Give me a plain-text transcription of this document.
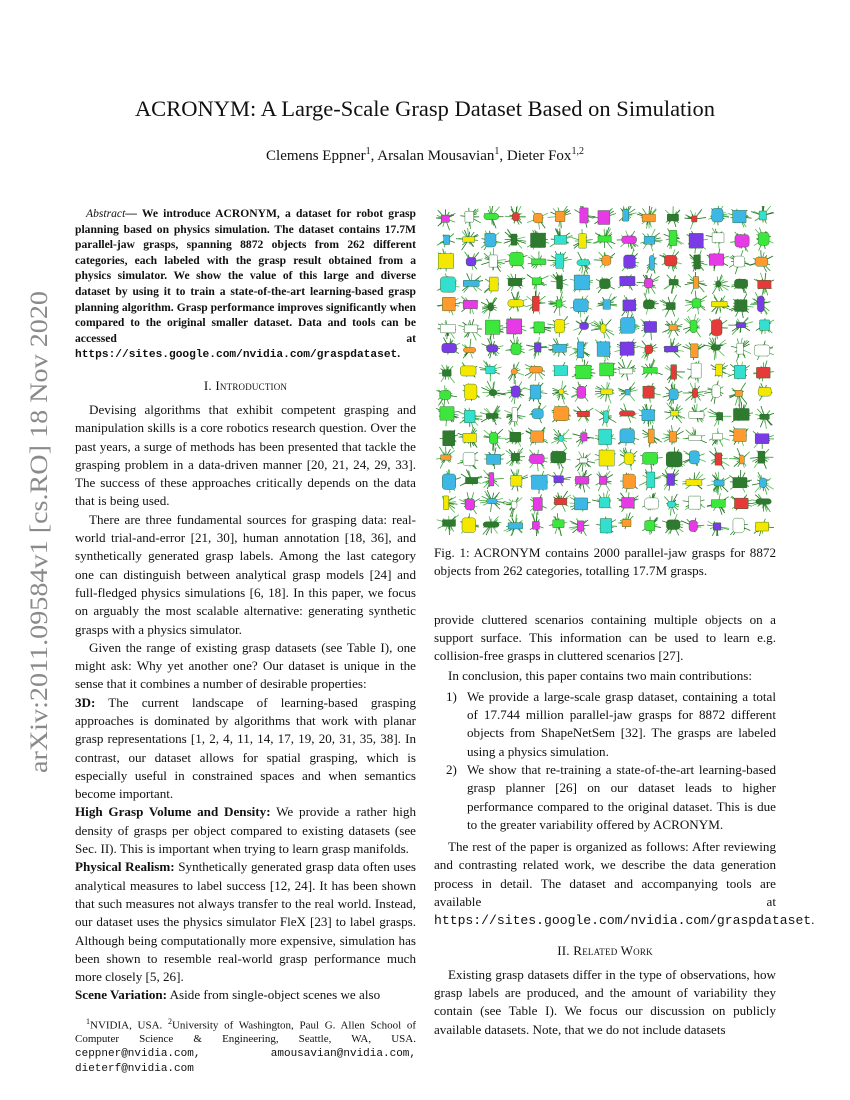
arXiv:2011.09584v1 [cs.RO] 18 Nov 2020
ACRONYM: A Large-Scale Grasp Dataset Based on Simulation
Clemens Eppner$^1$, Arsalan Mousavian$^1$, Dieter Fox$^{1,2}$

Abstract— We introduce ACRONYM, a dataset for robot grasp planning based on physics simulation. The dataset contains 17.7M parallel-jaw grasps, spanning 8872 objects from 262 different categories, each labeled with the grasp result obtained from a physics simulator. We show the value of this large and diverse dataset by using it to train a state-of-the-art learning-based grasp planning algorithm. Grasp performance improves significantly when compared to the original smaller dataset. Data and tools can be accessed at https://sites.google.com/nvidia.com/graspdataset.

I. Introduction

Devising algorithms that exhibit competent grasping and manipulation skills is a core robotics research question. Over the past years, a surge of methods has been presented that tackle the grasping problem in a data-driven manner [20, 21, 24, 29, 33]. The success of these approaches critically depends on the data that is being used.

There are three fundamental sources for grasping data: real-world trial-and-error [21, 30], human annotation [18, 36], and synthetically generated grasp labels. Among the last category one can distinguish between analytical grasp models [24] and full-fledged physics simulations [6, 18]. In this paper, we focus on arguably the most scalable alternative: generating synthetic grasps with a physics simulator.

Given the range of existing grasp datasets (see Table I), one might ask: Why yet another one? Our dataset is unique in the sense that it combines a number of desirable properties:

3D: The current landscape of learning-based grasping approaches is dominated by algorithms that work with planar grasp representations [1, 2, 4, 11, 14, 17, 19, 20, 31, 35, 38]. In contrast, our dataset allows for spatial grasping, which is especially useful in constrained spaces and when semantics become important.

High Grasp Volume and Density: We provide a rather high density of grasps per object compared to existing datasets (see Sec. II). This is important when trying to learn grasp manifolds.

Physical Realism: Synthetically generated grasp data often uses analytical measures to label success [12, 24]. It has been shown that such measures not always transfer to the real world. Instead, our dataset uses the physics simulator FleX [23] to label grasps. Although being computationally more expensive, simulation has been shown to resemble real-world grasp performance much more closely [5, 26].

Scene Variation: Aside from single-object scenes we also

$^1$NVIDIA, USA. $^2$University of Washington, Paul G. Allen School of Computer Science & Engineering, Seattle, WA, USA. ceppner@nvidia.com, amousavian@nvidia.com, dieterf@nvidia.com

Fig. 1: ACRONYM contains 2000 parallel-jaw grasps for 8872 objects from 262 categories, totalling 17.7M grasps.

provide cluttered scenarios containing multiple objects on a support surface. This information can be used to learn e.g. collision-free grasps in cluttered scenarios [27].

In conclusion, this paper contains two main contributions:

1) We provide a large-scale grasp dataset, containing a total of 17.744 million parallel-jaw grasps for 8872 different objects from ShapeNetSem [32]. The grasps are labeled using a physics simulation.
2) We show that re-training a state-of-the-art learning-based grasp planner [26] on our dataset leads to higher performance compared to the original dataset. This is due to the greater variability offered by ACRONYM.

The rest of the paper is organized as follows: After reviewing and contrasting related work, we describe the data generation process in detail. The dataset and accompanying tools are available at https://sites.google.com/nvidia.com/graspdataset.

II. Related Work

Existing grasp datasets differ in the type of observations, how grasp labels are produced, and the amount of variability they contain (see Table I). We focus our discussion on publicly available datasets. Note, that we do not include datasets
